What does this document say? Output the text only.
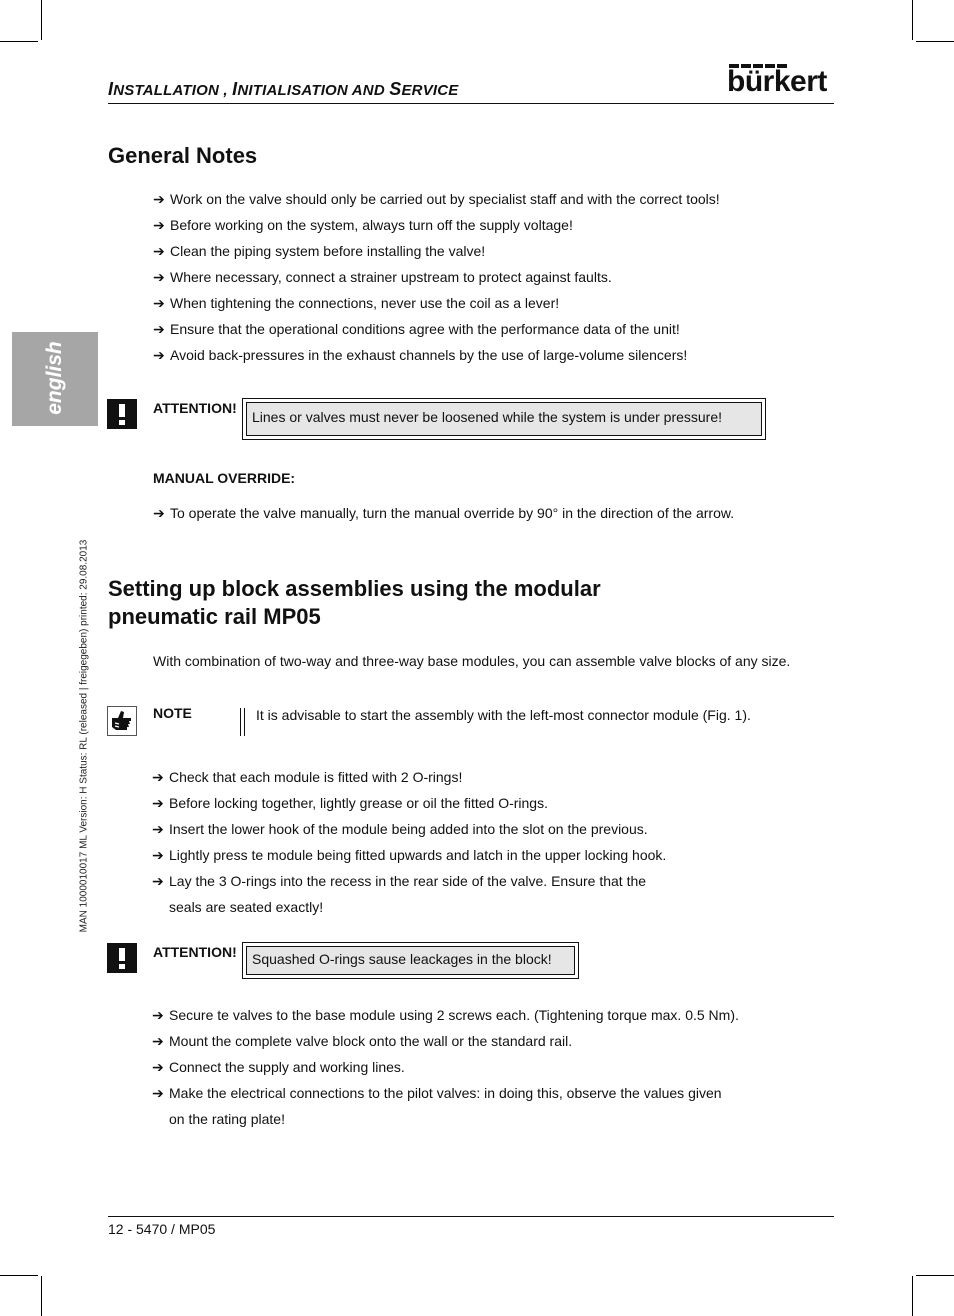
INSTALLATION , INITIALISATION AND SERVICE	bürkert
english
MAN 1000010017 ML Version: H Status: RL (released | freigegeben) printed: 29.08.2013
General Notes
➔ Work on the valve should only be carried out by specialist staff and with the correct tools!
➔ Before working on the system, always turn off the supply voltage!
➔ Clean the piping system before installing the valve!
➔ Where necessary, connect a strainer upstream to protect against faults.
➔ When tightening the connections, never use the coil as a lever!
➔ Ensure that the operational conditions agree with the performance data of the unit!
➔ Avoid back-pressures in the exhaust channels by the use of large-volume silencers!
ATTENTION!
Lines or valves must never be loosened while the system is under pressure!
MANUAL OVERRIDE:
➔ To operate the valve manually, turn the manual override by 90° in the direction of the arrow.
Setting up block assemblies using the modular
pneumatic rail MP05
With combination of two-way and three-way base modules, you can assemble valve blocks of any size.
NOTE	It is advisable to start the assembly with the left-most connector module (Fig. 1).
➔ Check that each module is fitted with 2 O-rings!
➔ Before locking together, lightly grease or oil the fitted O-rings.
➔ Insert the lower hook of the module being added into the slot on the previous.
➔ Lightly press te module being fitted upwards and latch in the upper locking hook.
➔ Lay the 3 O-rings into the recess in the rear side of the valve. Ensure that the
seals are seated exactly!
ATTENTION!	Squashed O-rings sause leackages in the block!
➔ Secure te valves to the base module using 2 screws each. (Tightening torque max. 0.5 Nm).
➔ Mount the complete valve block onto the wall or the standard rail.
➔ Connect the supply and working lines.
➔ Make the electrical connections to the pilot valves: in doing this, observe the values given
on the rating plate!
12 - 5470 / MP05
